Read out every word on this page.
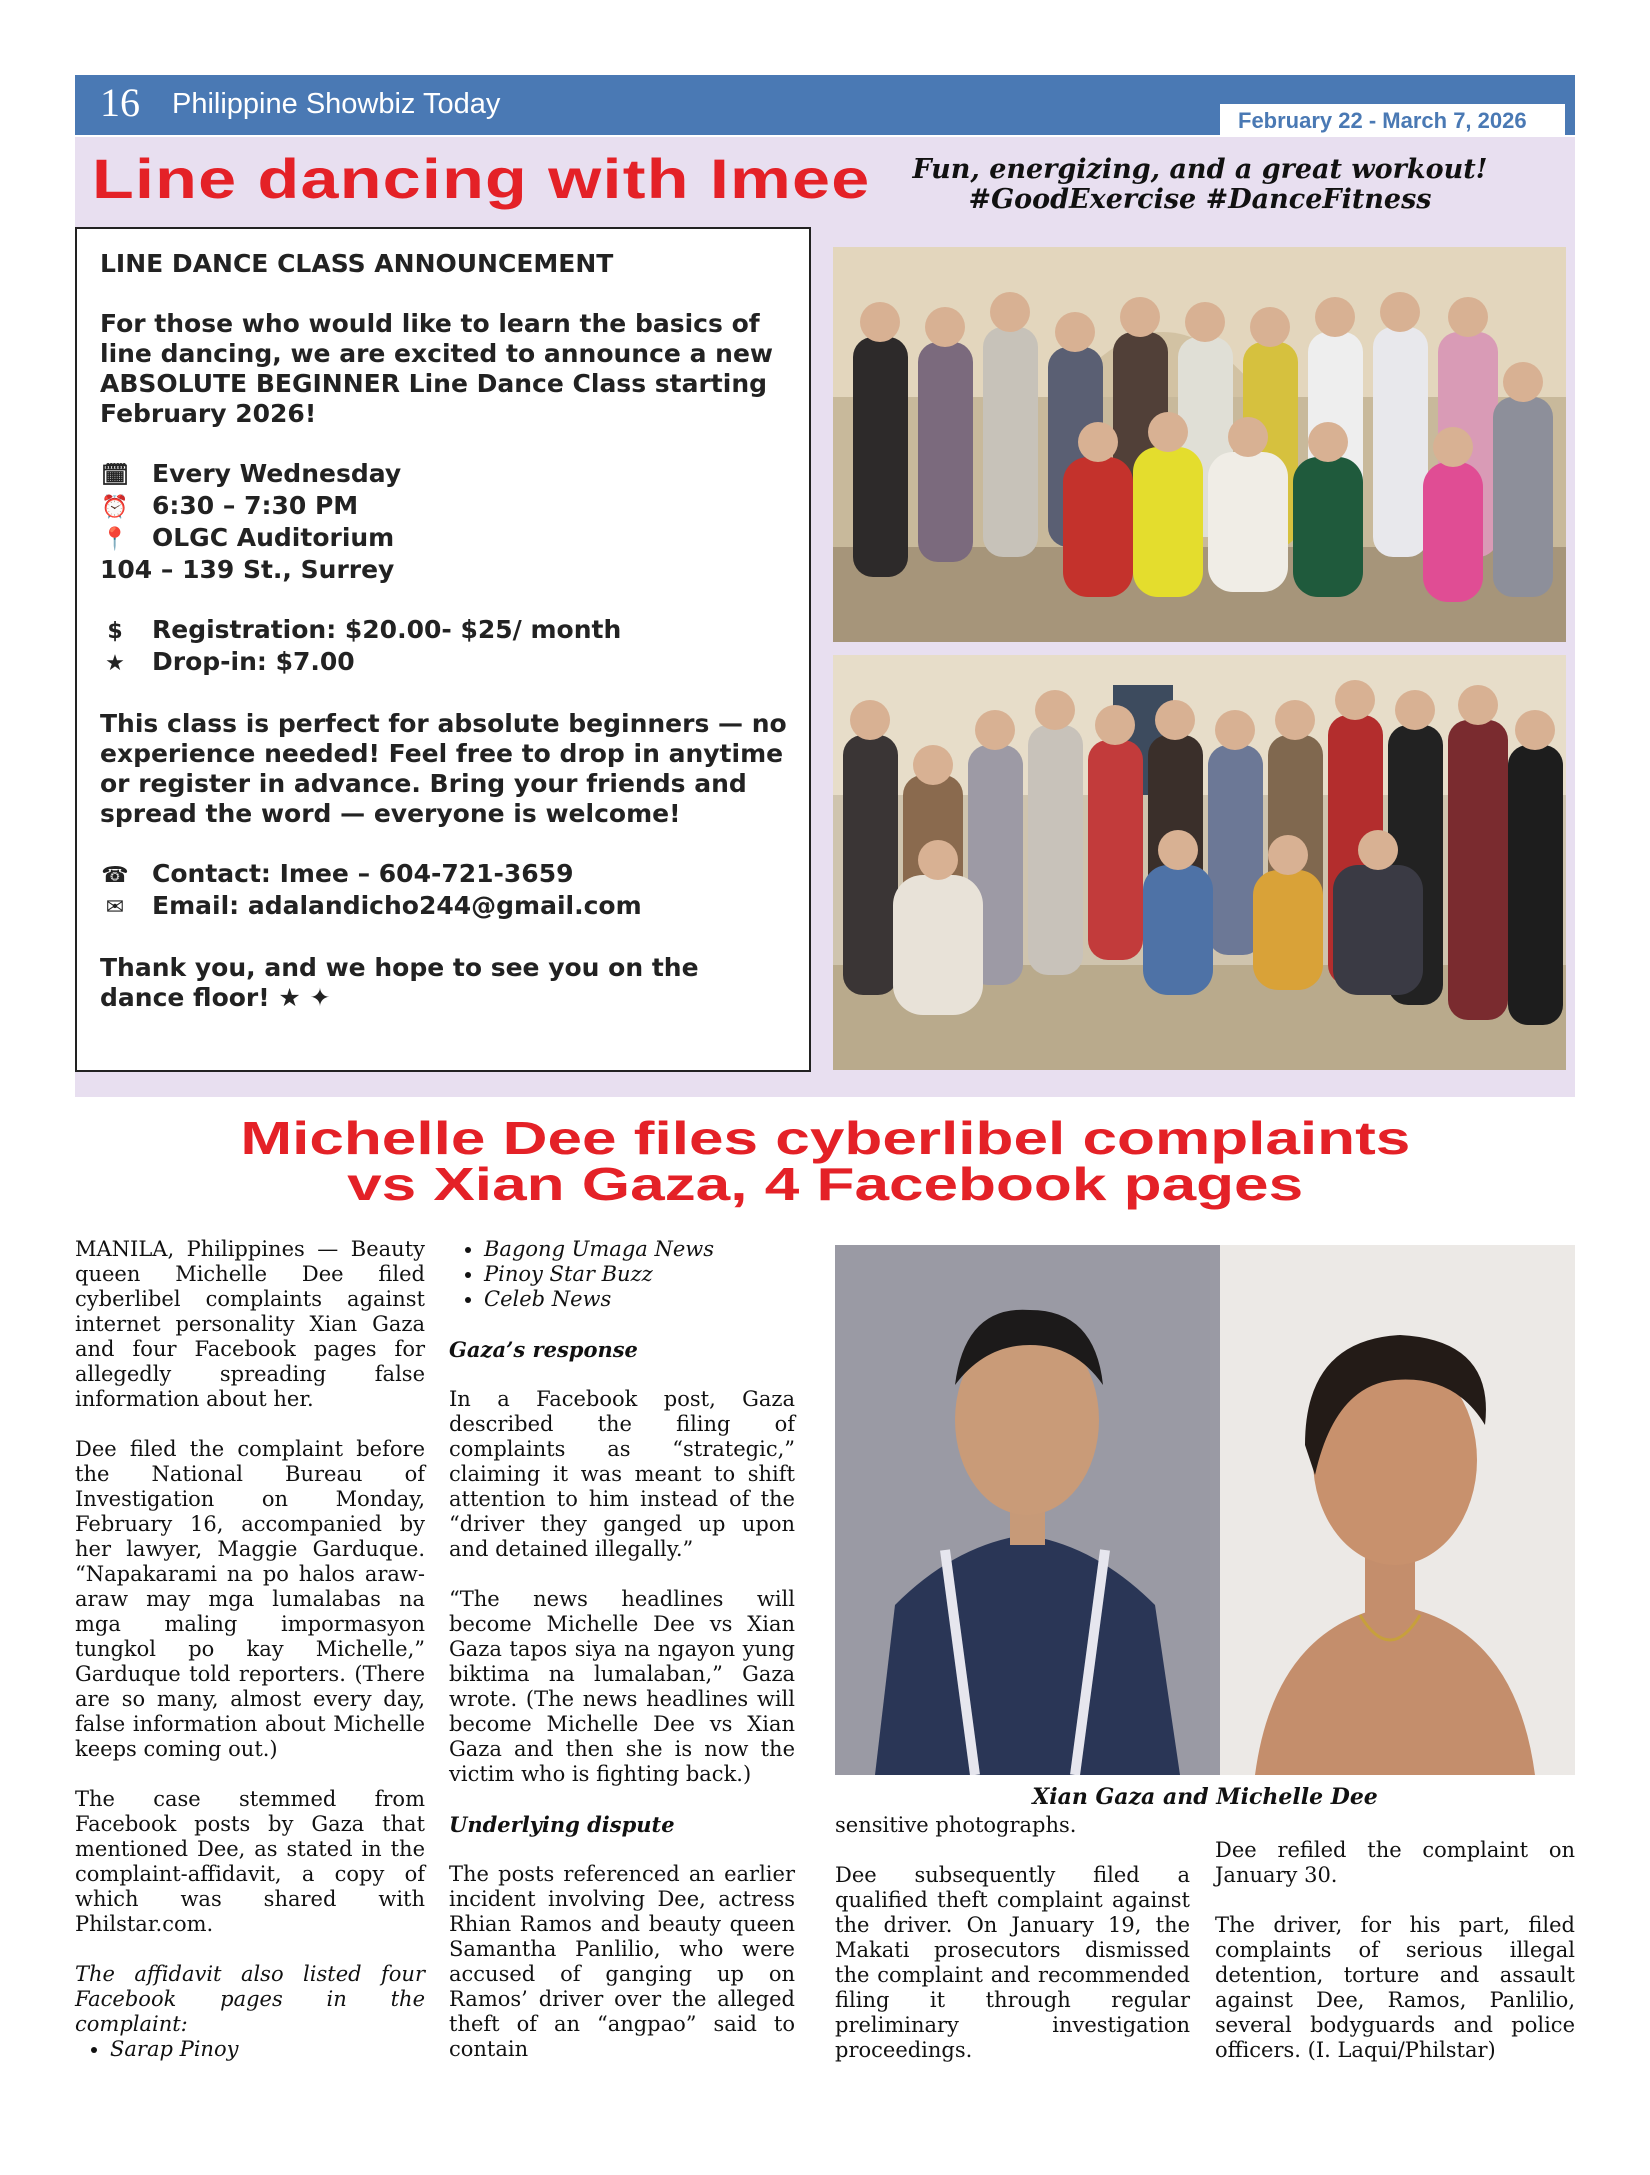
16 Philippine Showbiz Today
February 22 - March 7, 2026
Line dancing with Imee	Fun, energizing, and a great workout!
#GoodExercise #DanceFitness

LINE DANCE CLASS ANNOUNCEMENT

For those who would like to learn the basics of line dancing, we are excited to announce a new ABSOLUTE BEGINNER Line Dance Class starting February 2026!

🗓 Every Wednesday
⏰ 6:30 – 7:30 PM
📍 OLGC Auditorium
104 – 139 St., Surrey

$ Registration: $20.00- $25/ month
★ Drop-in: $7.00

This class is perfect for absolute beginners — no experience needed! Feel free to drop in anytime or register in advance. Bring your friends and spread the word — everyone is welcome!

☎ Contact: Imee – 604-721-3659
✉ Email: adalandicho244@gmail.com

Thank you, and we hope to see you on the dance floor! ★ ✦

Michelle Dee files cyberlibel complaints
vs Xian Gaza, 4 Facebook pages

MANILA, Philippines — Beauty queen Michelle Dee filed cyberlibel complaints against internet personality Xian Gaza and four Facebook pages for allegedly spreading false information about her.

Dee filed the complaint before the National Bureau of Investigation on Monday, February 16, accompanied by her lawyer, Maggie Garduque. “Napakarami na po halos araw-araw may mga lumalabas na mga maling impormasyon tungkol po kay Michelle,” Garduque told reporters. (There are so many, almost every day, false information about Michelle keeps coming out.)

The case stemmed from Facebook posts by Gaza that mentioned Dee, as stated in the complaint-affidavit, a copy of which was shared with Philstar.com.

The affidavit also listed four Facebook pages in the complaint:

• Sarap Pinoy
• Bagong Umaga News
• Pinoy Star Buzz
• Celeb News

Gaza’s response

In a Facebook post, Gaza described the filing of complaints as “strategic,” claiming it was meant to shift attention to him instead of the “driver they ganged up upon and detained illegally.”

“The news headlines will become Michelle Dee vs Xian Gaza tapos siya na ngayon yung biktima na lumalaban,” Gaza wrote. (The news headlines will become Michelle Dee vs Xian Gaza and then she is now the victim who is fighting back.)

Underlying dispute

The posts referenced an earlier incident involving Dee, actress Rhian Ramos and beauty queen Samantha Panlilio, who were accused of ganging up on Ramos’ driver over the alleged theft of an “angpao” said to contain

Xian Gaza and Michelle Dee

sensitive photographs.

Dee subsequently filed a qualified theft complaint against the driver. On January 19, the Makati prosecutors dismissed the complaint and recommended filing it through regular preliminary investigation proceedings.

Dee refiled the complaint on January 30.

The driver, for his part, filed complaints of serious illegal detention, torture and assault against Dee, Ramos, Panlilio, several bodyguards and police officers. (I. Laqui/Philstar)
